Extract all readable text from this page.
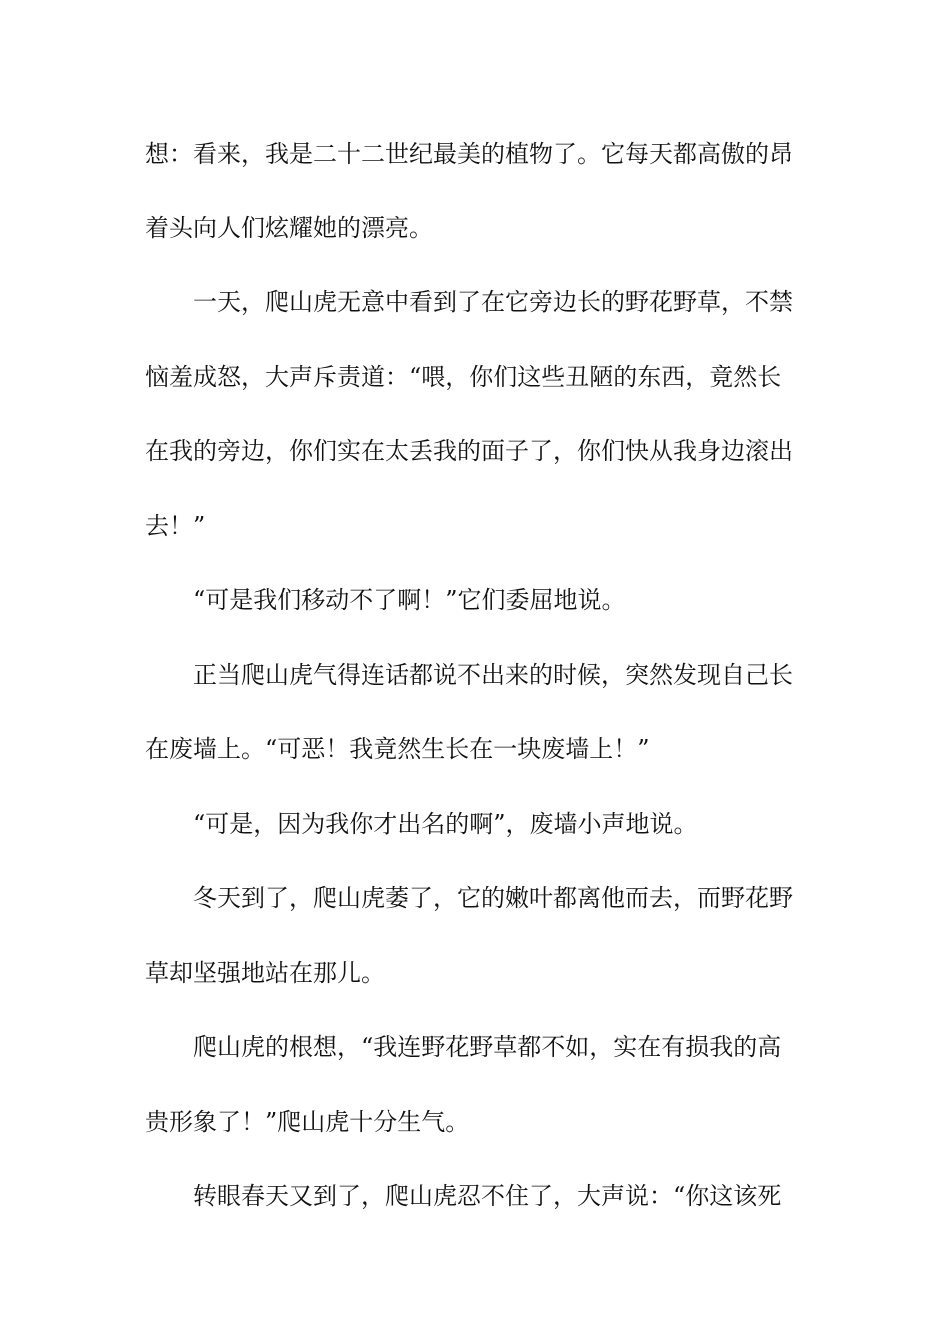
想：看来，我是二十二世纪最美的植物了。它每天都高傲的昂
着头向人们炫耀她的漂亮。
一天，爬山虎无意中看到了在它旁边长的野花野草，不禁
恼羞成怒，大声斥责道：“喂，你们这些丑陋的东西，竟然长
在我的旁边，你们实在太丢我的面子了，你们快从我身边滚出
去！”
“可是我们移动不了啊！”它们委屈地说。
正当爬山虎气得连话都说不出来的时候，突然发现自己长
在废墙上。“可恶！我竟然生长在一块废墙上！”
“可是，因为我你才出名的啊”，废墙小声地说。
冬天到了，爬山虎萎了，它的嫩叶都离他而去，而野花野
草却坚强地站在那儿。
爬山虎的根想，“我连野花野草都不如，实在有损我的高
贵形象了！”爬山虎十分生气。
转眼春天又到了，爬山虎忍不住了，大声说：“你这该死
